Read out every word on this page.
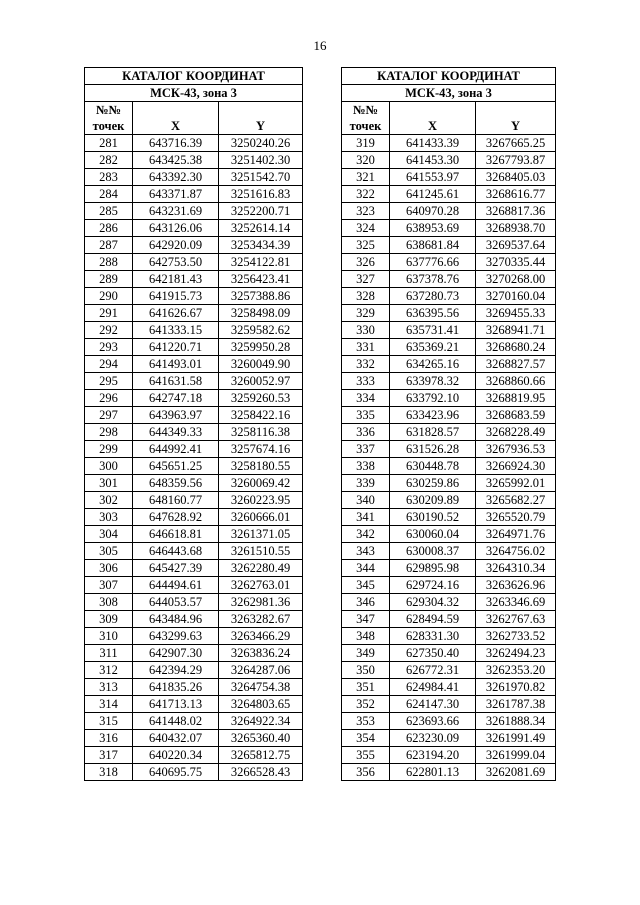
16
КАТАЛОГ КООРДИНАТ		
МСК-43, зона 3		
№№ точек	X	Y
281	643716.39	3250240.26
282	643425.38	3251402.30
283	643392.30	3251542.70
284	643371.87	3251616.83
285	643231.69	3252200.71
286	643126.06	3252614.14
287	642920.09	3253434.39
288	642753.50	3254122.81
289	642181.43	3256423.41
290	641915.73	3257388.86
291	641626.67	3258498.09
292	641333.15	3259582.62
293	641220.71	3259950.28
294	641493.01	3260049.90
295	641631.58	3260052.97
296	642747.18	3259260.53
297	643963.97	3258422.16
298	644349.33	3258116.38
299	644992.41	3257674.16
300	645651.25	3258180.55
301	648359.56	3260069.42
302	648160.77	3260223.95
303	647628.92	3260666.01
304	646618.81	3261371.05
305	646443.68	3261510.55
306	645427.39	3262280.49
307	644494.61	3262763.01
308	644053.57	3262981.36
309	643484.96	3263282.67
310	643299.63	3263466.29
311	642907.30	3263836.24
312	642394.29	3264287.06
313	641835.26	3264754.38
314	641713.13	3264803.65
315	641448.02	3264922.34
316	640432.07	3265360.40
317	640220.34	3265812.75
318	640695.75	3266528.43
КАТАЛОГ КООРДИНАТ		
МСК-43, зона 3		
№№ точек	X	Y
319	641433.39	3267665.25
320	641453.30	3267793.87
321	641553.97	3268405.03
322	641245.61	3268616.77
323	640970.28	3268817.36
324	638953.69	3268938.70
325	638681.84	3269537.64
326	637776.66	3270335.44
327	637378.76	3270268.00
328	637280.73	3270160.04
329	636395.56	3269455.33
330	635731.41	3268941.71
331	635369.21	3268680.24
332	634265.16	3268827.57
333	633978.32	3268860.66
334	633792.10	3268819.95
335	633423.96	3268683.59
336	631828.57	3268228.49
337	631526.28	3267936.53
338	630448.78	3266924.30
339	630259.86	3265992.01
340	630209.89	3265682.27
341	630190.52	3265520.79
342	630060.04	3264971.76
343	630008.37	3264756.02
344	629895.98	3264310.34
345	629724.16	3263626.96
346	629304.32	3263346.69
347	628494.59	3262767.63
348	628331.30	3262733.52
349	627350.40	3262494.23
350	626772.31	3262353.20
351	624984.41	3261970.82
352	624147.30	3261787.38
353	623693.66	3261888.34
354	623230.09	3261991.49
355	623194.20	3261999.04
356	622801.13	3262081.69
